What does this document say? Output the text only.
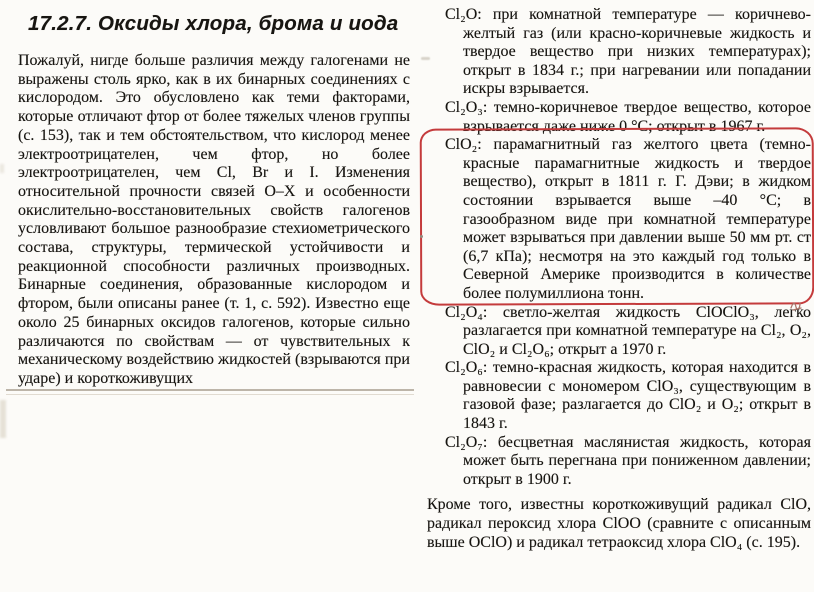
17.2.7. Оксиды хлора, брома и иода
Пожалуй, нигде больше различия между галогенами не выражены столь ярко, как в их бинарных соединениях с кислородом. Это обусловлено как теми факторами, которые отличают фтор от более тяжелых членов группы (с. 153), так и тем обстоятельством, что кислород менее электроотрицателен, чем фтор, но более электроотрицателен, чем Cl, Br и I. Изменения относительной прочности связей O–X и особенности окислительно-восстановительных свойств галогенов условливают большое разнообразие стехиометрического состава, структуры, термической устойчивости и реакционной способности различных производных. Бинарные соединения, образованные кислородом и фтором, были описаны ранее (т. 1, с. 592). Известно еще около 25 бинарных оксидов галогенов, которые сильно различаются по свойствам — от чувствительных к механическому воздействию жидкостей (взрываются при ударе) и короткоживущих
Cl₂O: при комнатной температуре — коричнево-желтый газ (или красно-коричневые жидкость и твердое вещество при низких температурах); открыт в 1834 г.; при нагревании или попадании искры взрывается.
Cl₂O₃: темно-коричневое твердое вещество, которое взрывается даже ниже 0 °C; открыт в 1967 г.
ClO₂: парамагнитный газ желтого цвета (темно-красные парамагнитные жидкость и твердое вещество), открыт в 1811 г. Г. Дэви; в жидком состоянии взрывается выше –40 °C; в газообразном виде при комнатной температуре может взрываться при давлении выше 50 мм рт. ст (6,7 кПа); несмотря на это каждый год только в Северной Америке производится в количестве более полумиллиона тонн.
Cl₂O₄: светло-желтая жидкость ClOClO₃, легко разлагается при комнатной температуре на Cl₂, O₂, ClO₂ и Cl₂O₆; открыт а 1970 г.
Cl₂O₆: темно-красная жидкость, которая находится в равновесии с мономером ClO₃, существующим в газовой фазе; разлагается до ClO₂ и O₂; открыт в 1843 г.
Cl₂O₇: бесцветная маслянистая жидкость, которая может быть перегнана при пониженном давлении; открыт в 1900 г.
Кроме того, известны короткоживущий радикал ClO, радикал пероксид хлора ClOO (сравните с описанным выше OClO) и радикал тетраоксид хлора ClO₄ (с. 195).
